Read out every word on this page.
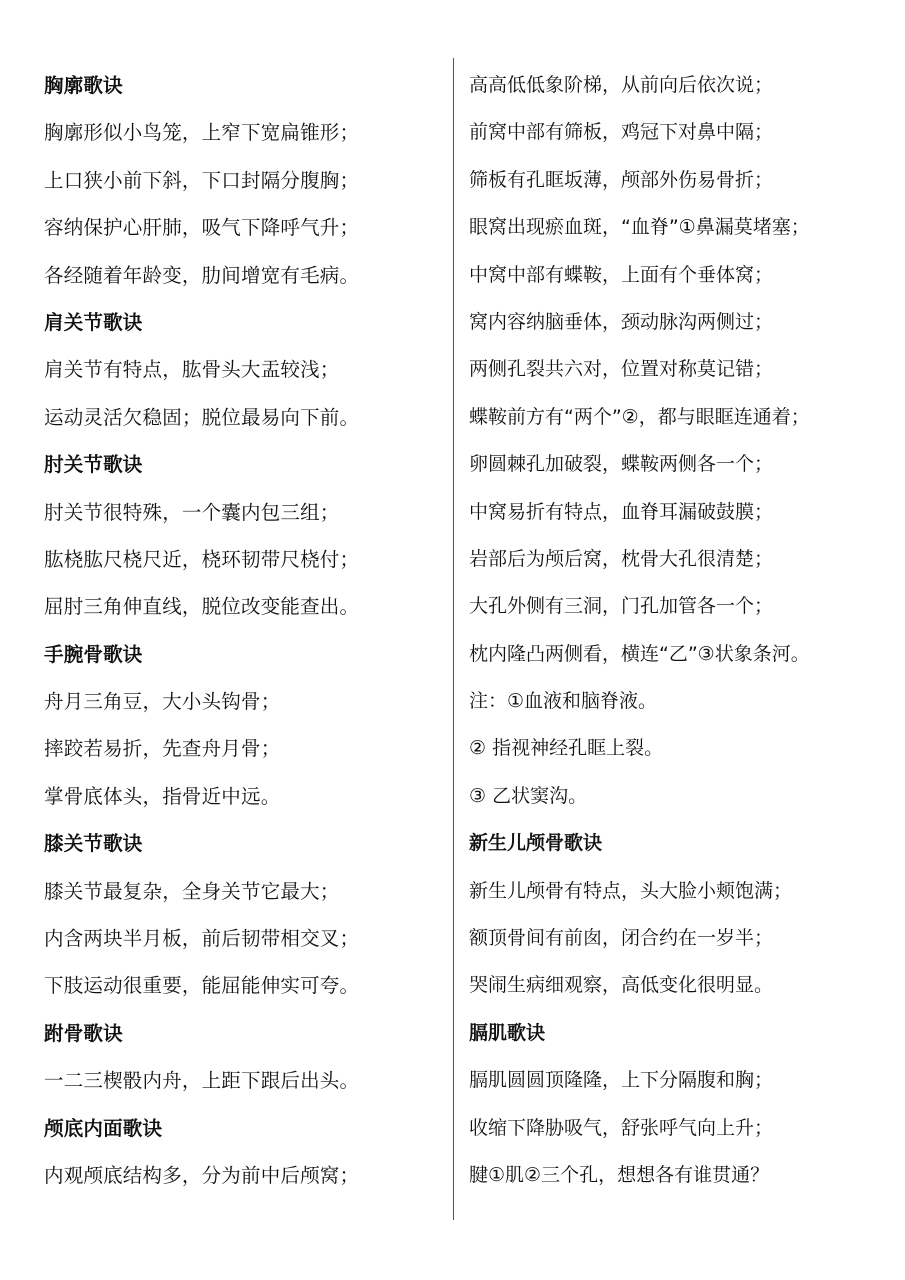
胸廓歌诀
胸廓形似小鸟笼，上窄下宽扁锥形；
上口狭小前下斜，下口封隔分腹胸；
容纳保护心肝肺，吸气下降呼气升；
各经随着年龄变，肋间增宽有毛病。
肩关节歌诀
肩关节有特点，肱骨头大盂较浅；
运动灵活欠稳固；脱位最易向下前。
肘关节歌诀
肘关节很特殊，一个囊内包三组；
肱桡肱尺桡尺近，桡环韧带尺桡付；
屈肘三角伸直线，脱位改变能查出。
手腕骨歌诀
舟月三角豆，大小头钩骨；
摔跤若易折，先查舟月骨；
掌骨底体头，指骨近中远。
膝关节歌诀
膝关节最复杂，全身关节它最大；
内含两块半月板，前后韧带相交叉；
下肢运动很重要，能屈能伸实可夸。
跗骨歌诀
一二三楔骰内舟，上距下跟后出头。
颅底内面歌诀
内观颅底结构多，分为前中后颅窝；
高高低低象阶梯，从前向后依次说；
前窝中部有筛板，鸡冠下对鼻中隔；
筛板有孔眶坂薄，颅部外伤易骨折；
眼窝出现瘀血斑，“血脊”①鼻漏莫堵塞；
中窝中部有蝶鞍，上面有个垂体窝；
窝内容纳脑垂体，颈动脉沟两侧过；
两侧孔裂共六对，位置对称莫记错；
蝶鞍前方有“两个”②，都与眼眶连通着；
卵圆棘孔加破裂，蝶鞍两侧各一个；
中窝易折有特点，血脊耳漏破鼓膜；
岩部后为颅后窝，枕骨大孔很清楚；
大孔外侧有三洞，门孔加管各一个；
枕内隆凸两侧看，横连“乙”③状象条河。
注：①血液和脑脊液。
② 指视神经孔眶上裂。
③ 乙状窦沟。
新生儿颅骨歌诀
新生儿颅骨有特点，头大脸小颊饱满；
额顶骨间有前囱，闭合约在一岁半；
哭闹生病细观察，高低变化很明显。
膈肌歌诀
膈肌圆圆顶隆隆，上下分隔腹和胸；
收缩下降胁吸气，舒张呼气向上升；
腱①肌②三个孔，想想各有谁贯通？
